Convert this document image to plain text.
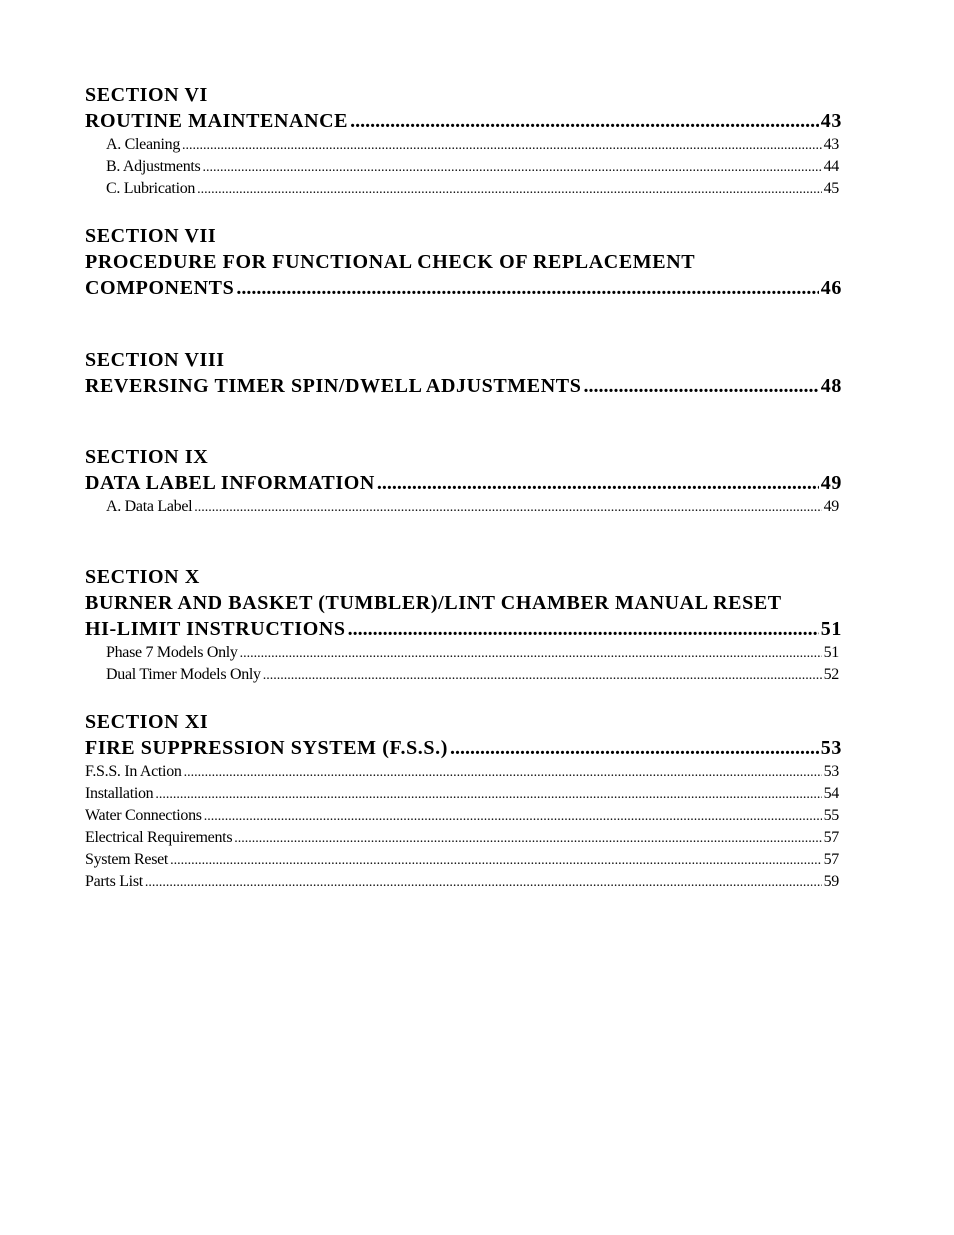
SECTION VI
ROUTINE MAINTENANCE .....	43
A. Cleaning .....	43
B. Adjustments .....	44
C. Lubrication .....	45
SECTION VII
PROCEDURE FOR FUNCTIONAL CHECK OF REPLACEMENT
COMPONENTS .....	46
SECTION VIII
REVERSING TIMER SPIN/DWELL ADJUSTMENTS .....	48
SECTION IX
DATA LABEL INFORMATION .....	49
A. Data Label .....	49
SECTION X
BURNER AND BASKET (TUMBLER)/LINT CHAMBER MANUAL RESET
HI-LIMIT INSTRUCTIONS .....	51
Phase 7 Models Only .....	51
Dual Timer Models Only .....	52
SECTION XI
FIRE SUPPRESSION SYSTEM (F.S.S.) .....	53
F.S.S. In Action .....	53
Installation .....	54
Water Connections .....	55
Electrical Requirements .....	57
System Reset .....	57
Parts List .....	59
